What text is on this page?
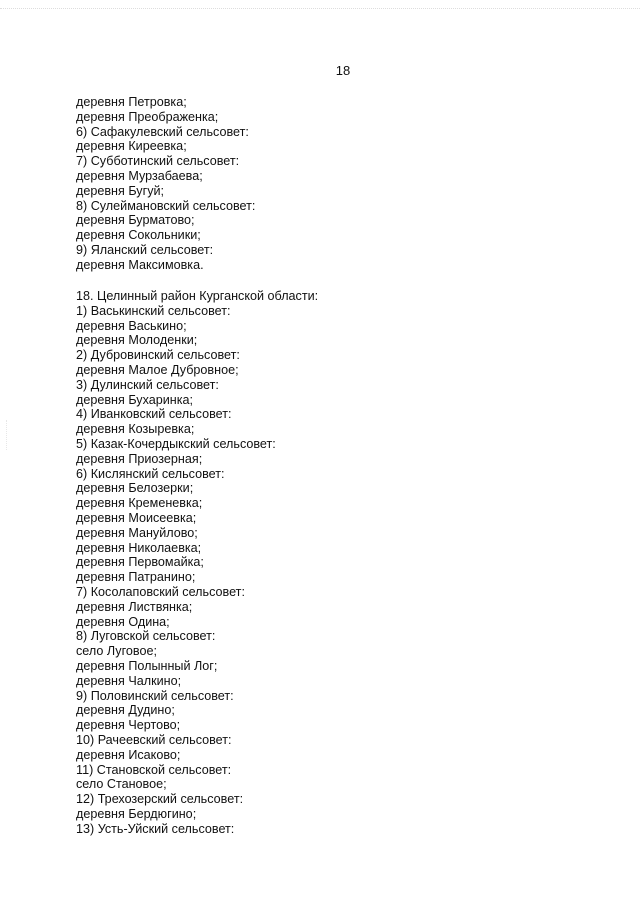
18
деревня Петровка;
деревня Преображенка;
6) Сафакулевский сельсовет:
деревня Киреевка;
7) Субботинский сельсовет:
деревня Мурзабаева;
деревня Бугуй;
8) Сулеймановский сельсовет:
деревня Бурматово;
деревня Сокольники;
9) Яланский сельсовет:
деревня Максимовка.
18. Целинный район Курганской области:
1) Васькинский сельсовет:
деревня Васькино;
деревня Молоденки;
2) Дубровинский сельсовет:
деревня Малое Дубровное;
3) Дулинский сельсовет:
деревня Бухаринка;
4) Иванковский сельсовет:
деревня Козыревка;
5) Казак-Кочердыкский сельсовет:
деревня Приозерная;
6) Кислянский сельсовет:
деревня Белозерки;
деревня Кременевка;
деревня Моисеевка;
деревня Мануйлово;
деревня Николаевка;
деревня Первомайка;
деревня Патранино;
7) Косолаповский сельсовет:
деревня Листвянка;
деревня Одина;
8) Луговской сельсовет:
село Луговое;
деревня Полынный Лог;
деревня Чалкино;
9) Половинский сельсовет:
деревня Дудино;
деревня Чертово;
10) Рачеевский сельсовет:
деревня Исаково;
11) Становской сельсовет:
село Становое;
12) Трехозерский сельсовет:
деревня Бердюгино;
13) Усть-Уйский сельсовет:
